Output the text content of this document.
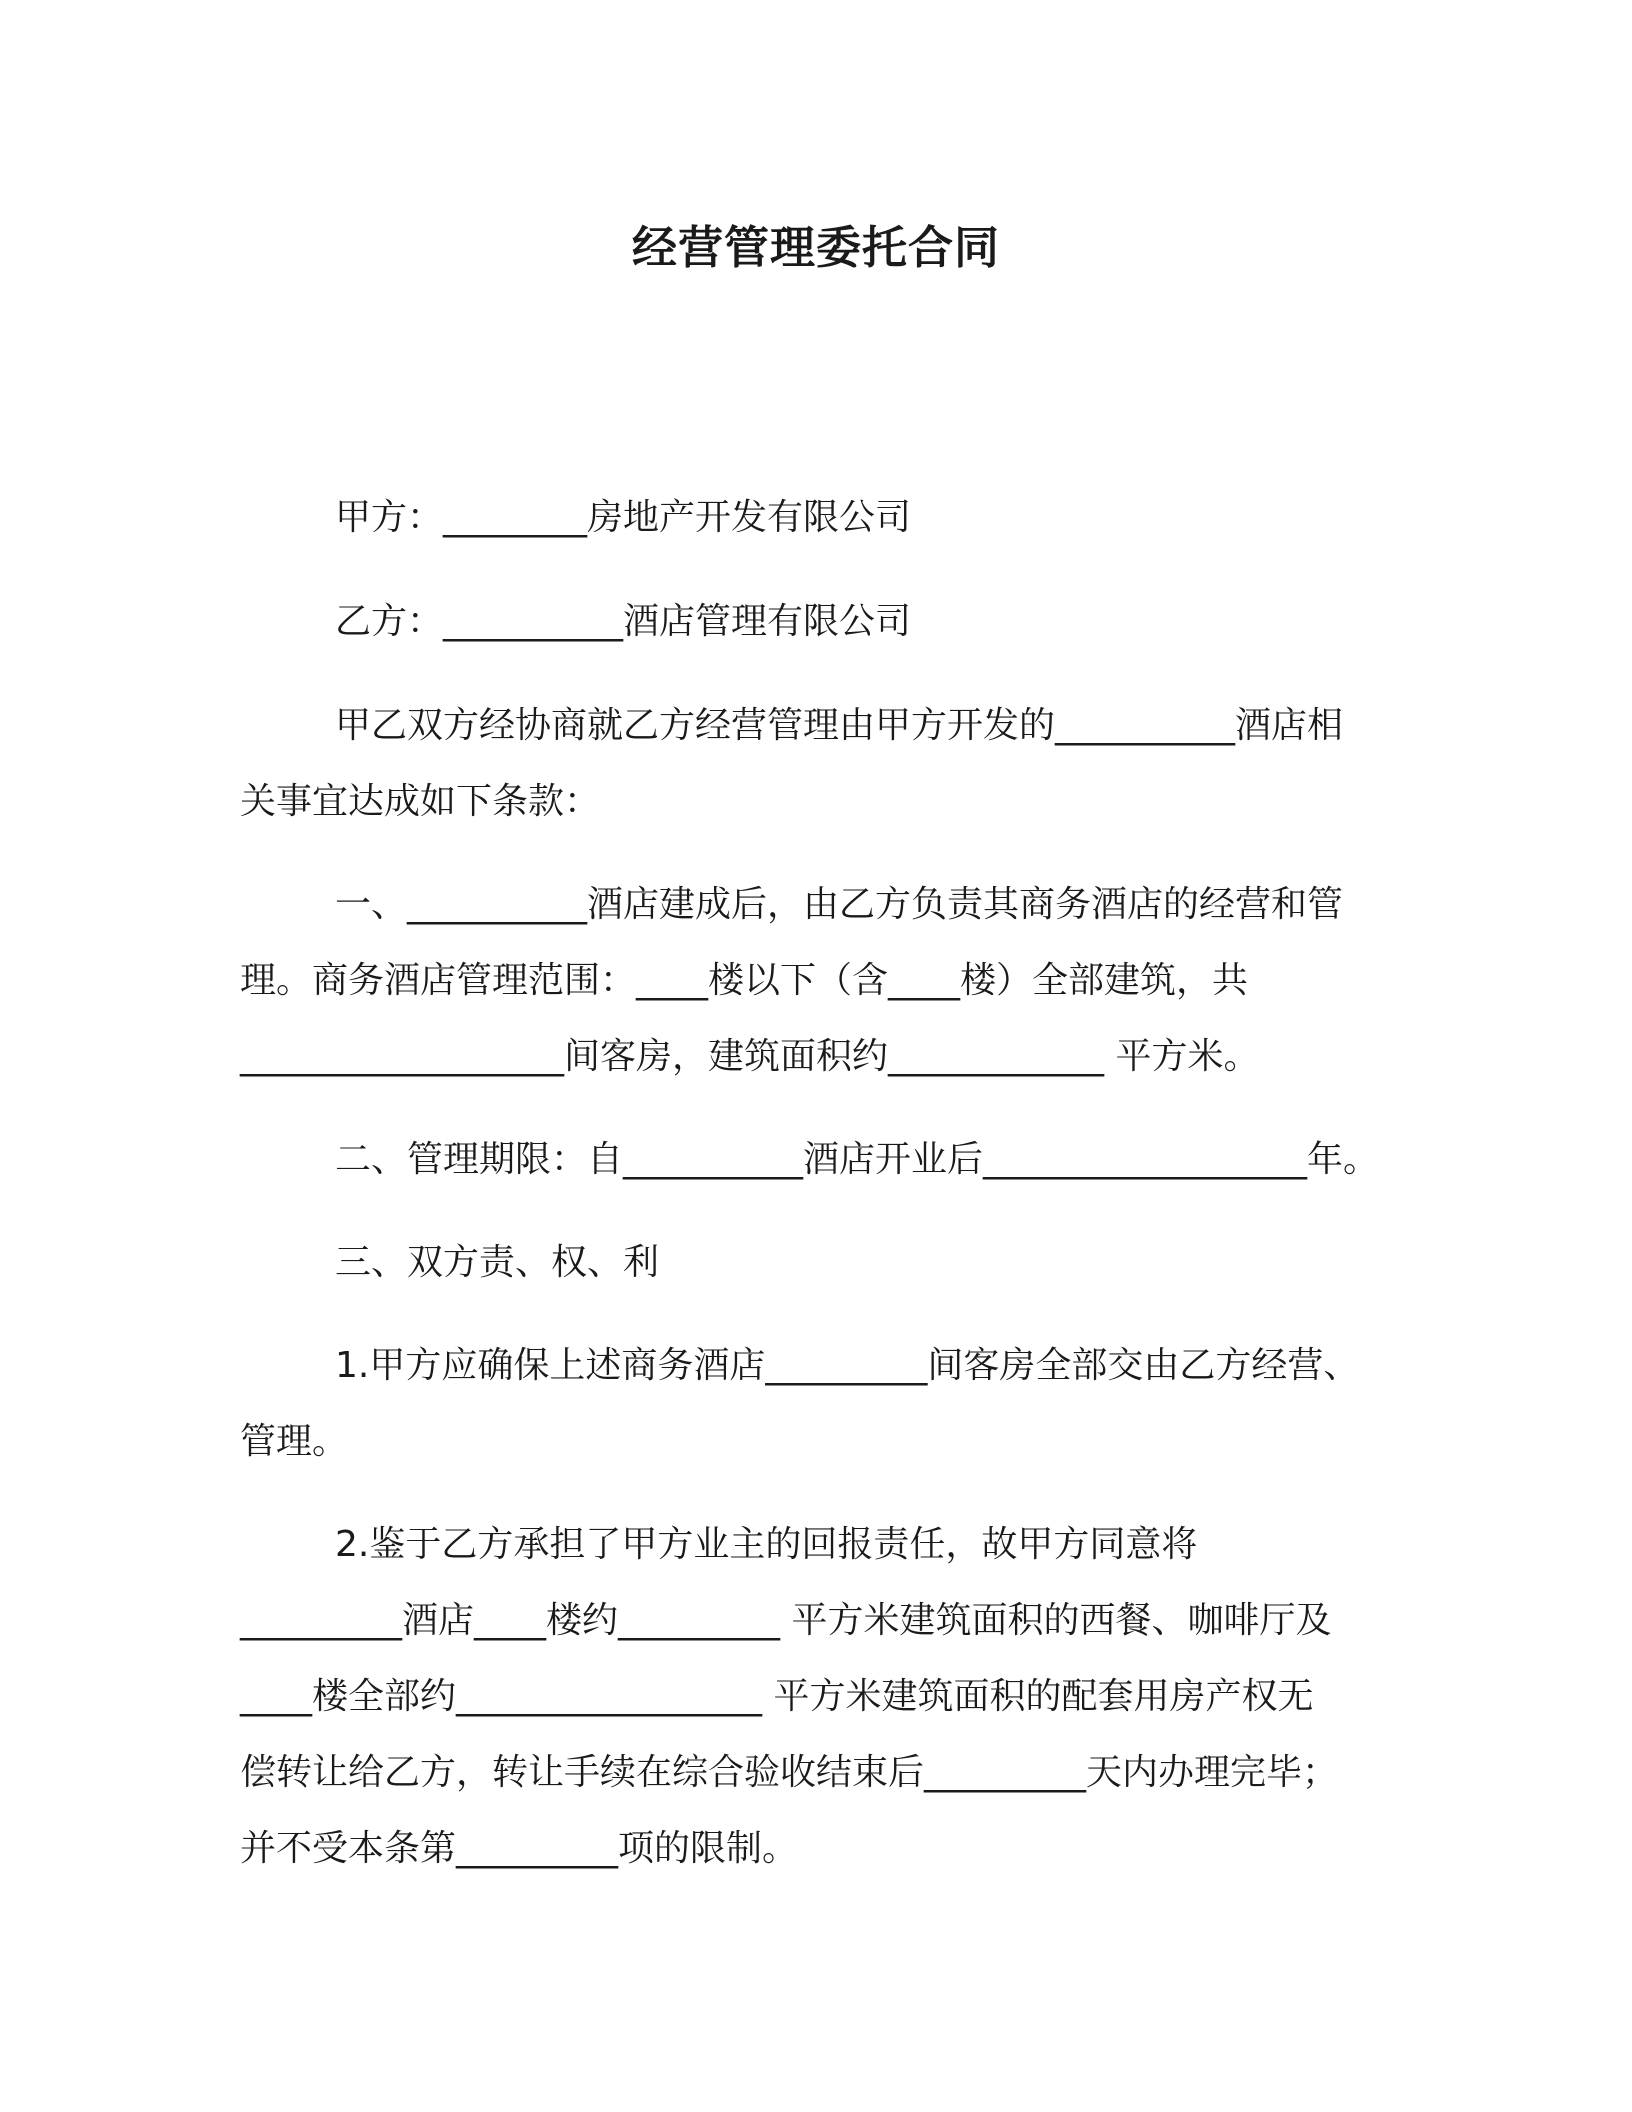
经营管理委托合同
甲方：________房地产开发有限公司
乙方：__________酒店管理有限公司
甲乙双方经协商就乙方经营管理由甲方开发的__________酒店相
关事宜达成如下条款：
一、__________酒店建成后，由乙方负责其商务酒店的经营和管
理。商务酒店管理范围：____楼以下（含____楼）全部建筑，共
__________________间客房，建筑面积约____________ 平方米。
二、管理期限：自__________酒店开业后__________________年。
三、双方责、权、利
1.甲方应确保上述商务酒店_________间客房全部交由乙方经营、
管理。
2.鉴于乙方承担了甲方业主的回报责任，故甲方同意将
_________酒店____楼约_________ 平方米建筑面积的西餐、咖啡厅及
____楼全部约_________________ 平方米建筑面积的配套用房产权无
偿转让给乙方，转让手续在综合验收结束后_________天内办理完毕；
并不受本条第_________项的限制。
